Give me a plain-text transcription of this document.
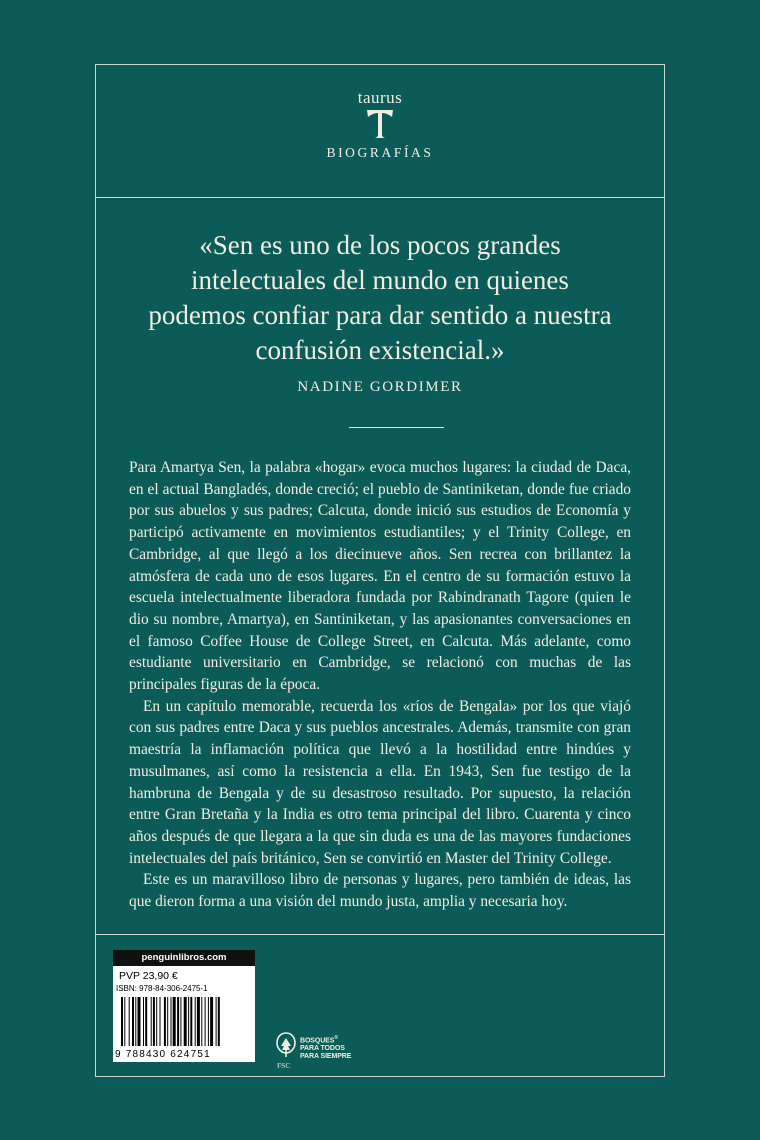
taurus
BIOGRAFÍAS
«Sen es uno de los pocos grandes
intelectuales del mundo en quienes
podemos confiar para dar sentido a nuestra
confusión existencial.»
NADINE GORDIMER

Para Amartya Sen, la palabra «hogar» evoca muchos lugares: la ciudad de Daca, en el actual Bangladés, donde creció; el pueblo de Santiniketan, donde fue criado por sus abuelos y sus padres; Calcuta, donde inició sus estudios de Economía y participó activamente en movimientos estudiantiles; y el Trinity College, en Cambridge, al que llegó a los diecinueve años. Sen recrea con brillantez la atmósfera de cada uno de esos lugares. En el centro de su formación estuvo la escuela intelectualmente liberadora fundada por Rabindranath Tagore (quien le dio su nombre, Amartya), en Santiniketan, y las apasionantes conversaciones en el famoso Coffee House de College Street, en Calcuta. Más adelante, como estudiante universitario en Cambridge, se relacionó con muchas de las principales figuras de la época.

En un capítulo memorable, recuerda los «ríos de Bengala» por los que viajó con sus padres entre Daca y sus pueblos ancestrales. Además, transmite con gran maestría la inflamación política que llevó a la hostilidad entre hindúes y musulmanes, así como la resistencia a ella. En 1943, Sen fue testigo de la hambruna de Bengala y de su desastroso resultado. Por supuesto, la relación entre Gran Bretaña y la India es otro tema principal del libro. Cuarenta y cinco años después de que llegara a la que sin duda es una de las mayores fundaciones intelectuales del país británico, Sen se convirtió en Master del Trinity College.

Este es un maravilloso libro de personas y lugares, pero también de ideas, las que dieron forma a una visión del mundo justa, amplia y necesaria hoy.

penguinlibros.com
PVP 23,90 €
ISBN: 978-84-306-2475-1
9 788430 624751
FSC
BOSQUES®
PARA TODOS
PARA SIEMPRE
